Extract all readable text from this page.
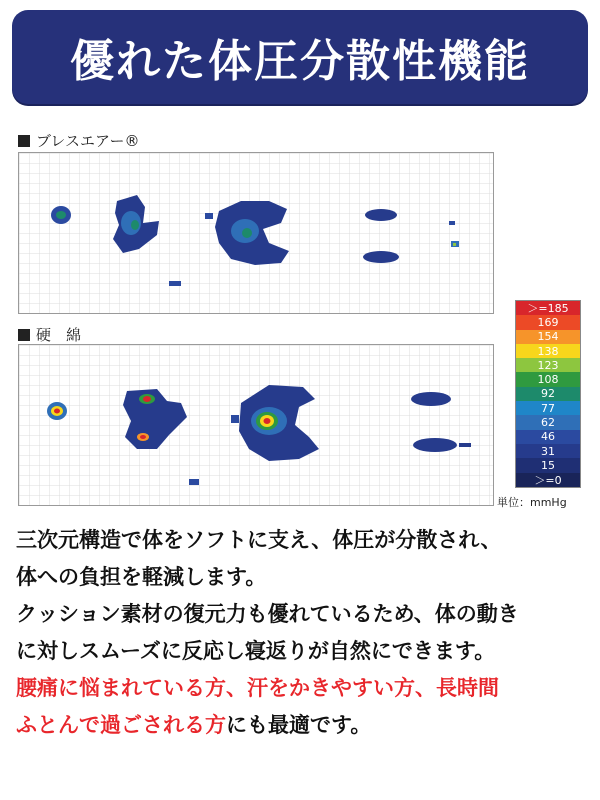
優れた体圧分散性機能
ブレスエアー®
硬　綿
＞=185
169
154
138
123
108
92
77
62
46
31
15
＞=0
単位：mmHg
三次元構造で体をソフトに支え、体圧が分散され、
体への負担を軽減します。
クッション素材の復元力も優れているため、体の動き
に対しスムーズに反応し寝返りが自然にできます。
腰痛に悩まれている方、汗をかきやすい方、長時間
ふとんで過ごされる方にも最適です。
